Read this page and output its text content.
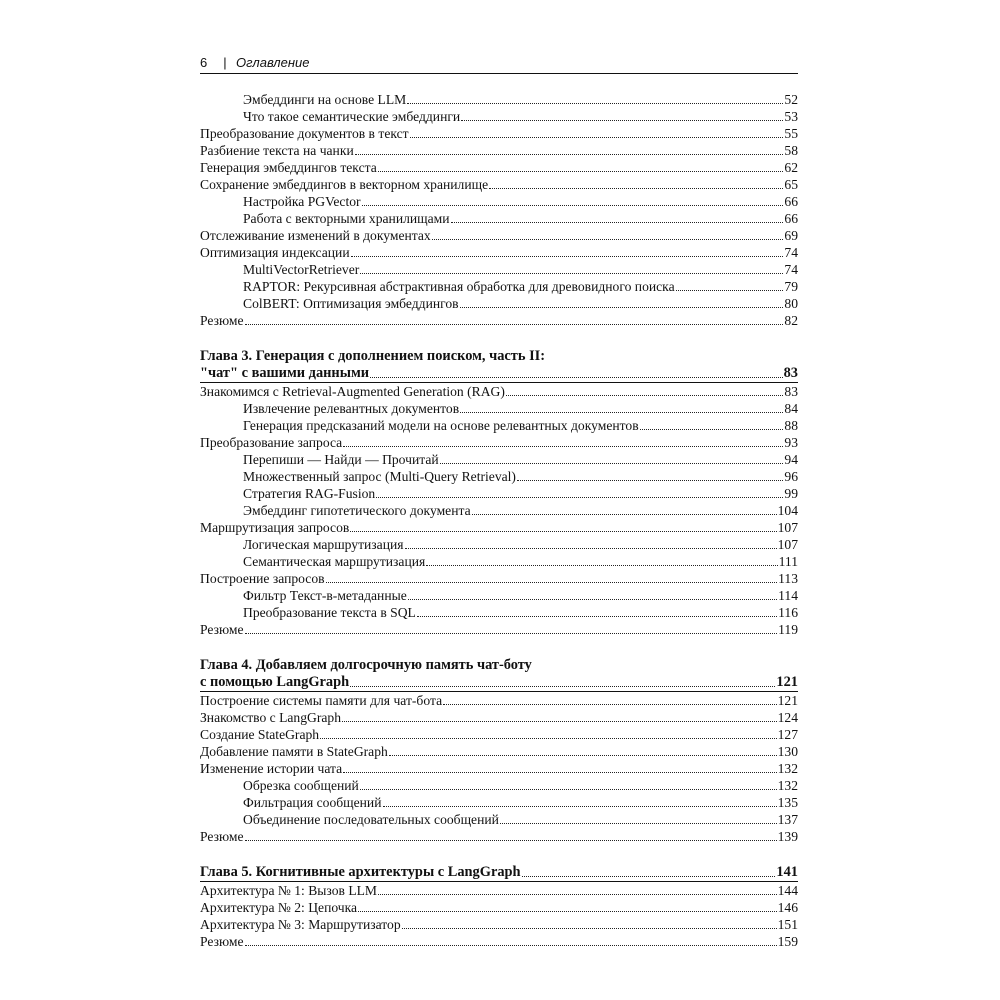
6 | Оглавление
Эмбеддинги на основе LLM	52
Что такое семантические эмбеддинги	53
Преобразование документов в текст	55
Разбиение текста на чанки	58
Генерация эмбеддингов текста	62
Сохранение эмбеддингов в векторном хранилище	65
Настройка PGVector	66
Работа с векторными хранилищами	66
Отслеживание изменений в документах	69
Оптимизация индексации	74
MultiVectorRetriever	74
RAPTOR: Рекурсивная абстрактивная обработка для древовидного поиска	79
ColBERT: Оптимизация эмбеддингов	80
Резюме	82
Глава 3. Генерация с дополнением поиском, часть II:
"чат" с вашими данными	83
Знакомимся с Retrieval-Augmented Generation (RAG)	83
Извлечение релевантных документов	84
Генерация предсказаний модели на основе релевантных документов	88
Преобразование запроса	93
Перепиши — Найди — Прочитай	94
Множественный запрос (Multi-Query Retrieval)	96
Стратегия RAG-Fusion	99
Эмбеддинг гипотетического документа	104
Маршрутизация запросов	107
Логическая маршрутизация	107
Семантическая маршрутизация	111
Построение запросов	113
Фильтр Текст-в-метаданные	114
Преобразование текста в SQL	116
Резюме	119
Глава 4. Добавляем долгосрочную память чат-боту
с помощью LangGraph	121
Построение системы памяти для чат-бота	121
Знакомство с LangGraph	124
Создание StateGraph	127
Добавление памяти в StateGraph	130
Изменение истории чата	132
Обрезка сообщений	132
Фильтрация сообщений	135
Объединение последовательных сообщений	137
Резюме	139
Глава 5. Когнитивные архитектуры с LangGraph	141
Архитектура № 1: Вызов LLM	144
Архитектура № 2: Цепочка	146
Архитектура № 3: Маршрутизатор	151
Резюме	159
